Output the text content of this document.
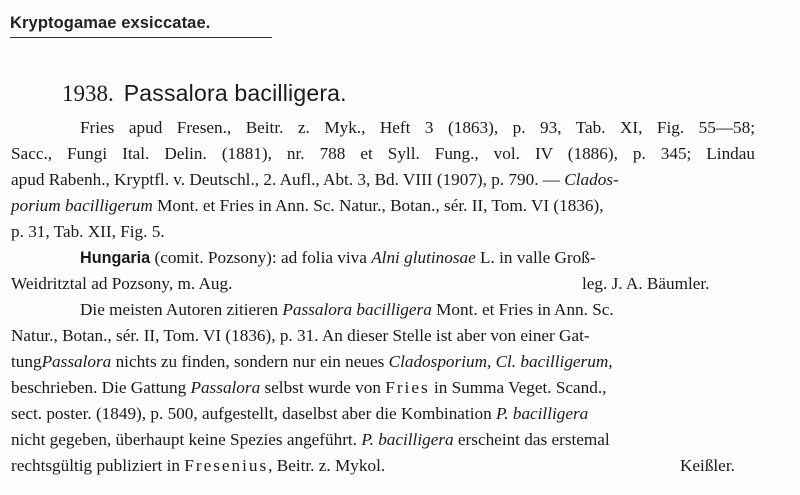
Kryptogamae exsiccatae.
1938. Passalora bacilligera.
Fries apud Fresen., Beitr. z. Myk., Heft 3 (1863), p. 93, Tab. XI, Fig. 55—58;
Sacc., Fungi Ital. Delin. (1881), nr. 788 et Syll. Fung., vol. IV (1886), p. 345; Lindau
apud Rabenh., Kryptfl. v. Deutschl., 2. Aufl., Abt. 3, Bd. VIII (1907), p. 790. — Clados-
porium bacilligerum Mont. et Fries in Ann. Sc. Natur., Botan., sér. II, Tom. VI (1836),
p. 31, Tab. XII, Fig. 5.
Hungaria (comit. Pozsony): ad folia viva Alni glutinosae L. in valle Groß-
Weidritztal ad Pozsony, m. Aug.	leg. J. A. Bäumler.
Die meisten Autoren zitieren Passalora bacilligera Mont. et Fries in Ann. Sc.
Natur., Botan., sér. II, Tom. VI (1836), p. 31. An dieser Stelle ist aber von einer Gat-
tungPassalora nichts zu finden, sondern nur ein neues Cladosporium, Cl. bacilligerum,
beschrieben. Die Gattung Passalora selbst wurde von Fries in Summa Veget. Scand.,
sect. poster. (1849), p. 500, aufgestellt, daselbst aber die Kombination P. bacilligera
nicht gegeben, überhaupt keine Spezies angeführt. P. bacilligera erscheint das erstemal
rechtsgültig publiziert in Fresenius, Beitr. z. Mykol.	Keißler.
